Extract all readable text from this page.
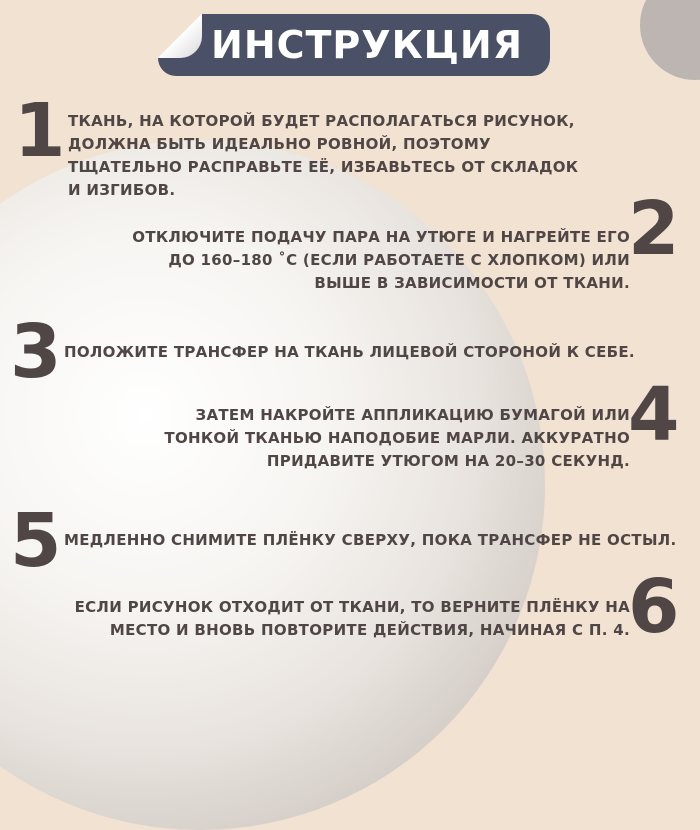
ИНСТРУКЦИЯ
1 ТКАНЬ, НА КОТОРОЙ БУДЕТ РАСПОЛАГАТЬСЯ РИСУНОК, ДОЛЖНА БЫТЬ ИДЕАЛЬНО РОВНОЙ, ПОЭТОМУ ТЩАТЕЛЬНО РАСПРАВЬТЕ ЕЁ, ИЗБАВЬТЕСЬ ОТ СКЛАДОК И ИЗГИБОВ.	2
ОТКЛЮЧИТЕ ПОДАЧУ ПАРА НА УТЮГЕ И НАГРЕЙТЕ ЕГО ДО 160–180 ˚С (ЕСЛИ РАБОТАЕТЕ С ХЛОПКОМ) ИЛИ ВЫШЕ В ЗАВИСИМОСТИ ОТ ТКАНИ.
3 ПОЛОЖИТЕ ТРАНСФЕР НА ТКАНЬ ЛИЦЕВОЙ СТОРОНОЙ К СЕБЕ.
4
ЗАТЕМ НАКРОЙТЕ АППЛИКАЦИЮ БУМАГОЙ ИЛИ ТОНКОЙ ТКАНЬЮ НАПОДОБИЕ МАРЛИ. АККУРАТНО ПРИДАВИТЕ УТЮГОМ НА 20–30 СЕКУНД.
5 МЕДЛЕННО СНИМИТЕ ПЛЁНКУ СВЕРХУ, ПОКА ТРАНСФЕР НЕ ОСТЫЛ.
6
ЕСЛИ РИСУНОК ОТХОДИТ ОТ ТКАНИ, ТО ВЕРНИТЕ ПЛЁНКУ НА МЕСТО И ВНОВЬ ПОВТОРИТЕ ДЕЙСТВИЯ, НАЧИНАЯ С П. 4.
